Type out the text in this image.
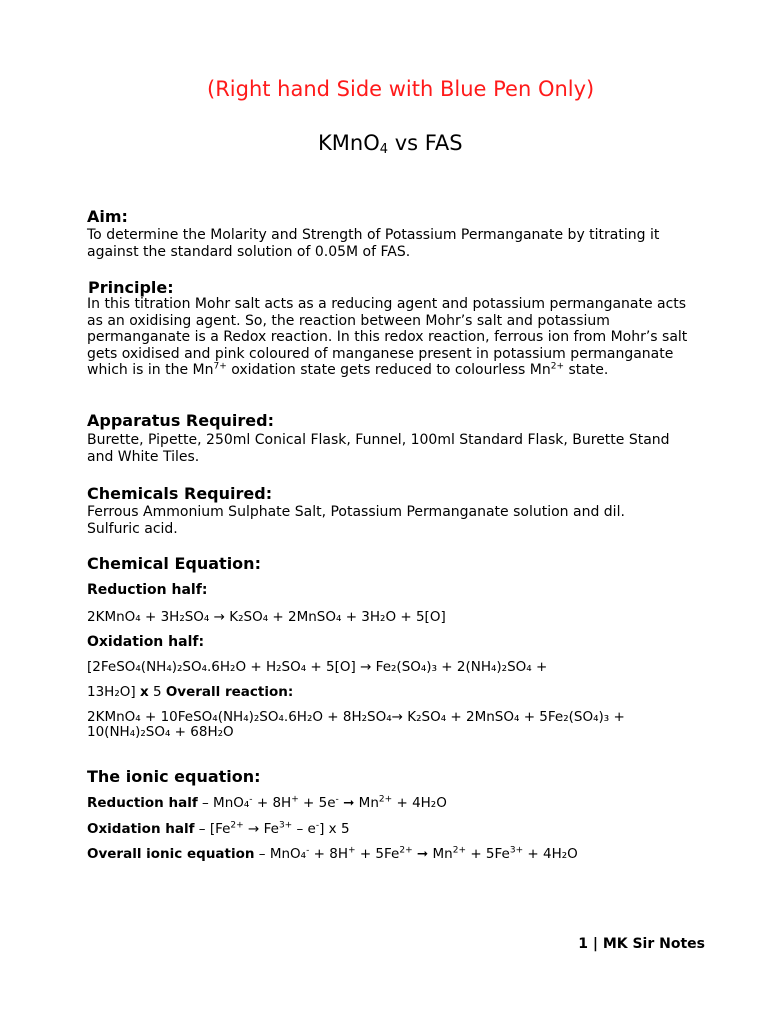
(Right hand Side with Blue Pen Only)
KMnO$_4$ vs FAS
Aim:
To determine the Molarity and Strength of Potassium Permanganate by titrating it against the standard solution of 0.05M of FAS.
Principle:
In this titration Mohr salt acts as a reducing agent and potassium permanganate acts as an oxidising agent. So, the reaction between Mohr’s salt and potassium permanganate is a Redox reaction. In this redox reaction, ferrous ion from Mohr’s salt gets oxidised and pink coloured of manganese present in potassium permanganate which is in the $Mn^{7+}$ oxidation state gets reduced to colourless $Mn^{2+}$ state.
Apparatus Required:
Burette, Pipette, 250ml Conical Flask, Funnel, 100ml Standard Flask, Burette Stand and White Tiles.
Chemicals Required:
Ferrous Ammonium Sulphate Salt, Potassium Permanganate solution and dil. Sulfuric acid.
Chemical Equation:
Reduction half:
2KMnO₄ + 3H₂SO₄ → K₂SO₄ + 2MnSO₄ + 3H₂O + 5[O]
Oxidation half:
[2FeSO₄(NH₄)₂SO₄.6H₂O + H₂SO₄ + 5[O] → Fe₂(SO₄)₃ + 2(NH₄)₂SO₄ +
13H₂O] x 5 Overall reaction:
2KMnO₄ + 10FeSO₄(NH₄)₂SO₄.6H₂O + 8H₂SO₄→ K₂SO₄ + 2MnSO₄ + 5Fe₂(SO₄)₃ +
10(NH₄)₂SO₄ + 68H₂O
The ionic equation:
Reduction half – MnO₄- + 8H+ + 5e- ➞ $Mn^{2+} + 4H_2O$
Oxidation half – $[Fe^{2+} \to Fe^{3+} - e^-]$ x 5
Overall ionic equation – $MnO_4^- + 8H^+ + 5Fe^{2+}$ ➞ $Mn^{2+} + 5Fe^{3+} + 4H_2O$
1 | MK Sir Notes
